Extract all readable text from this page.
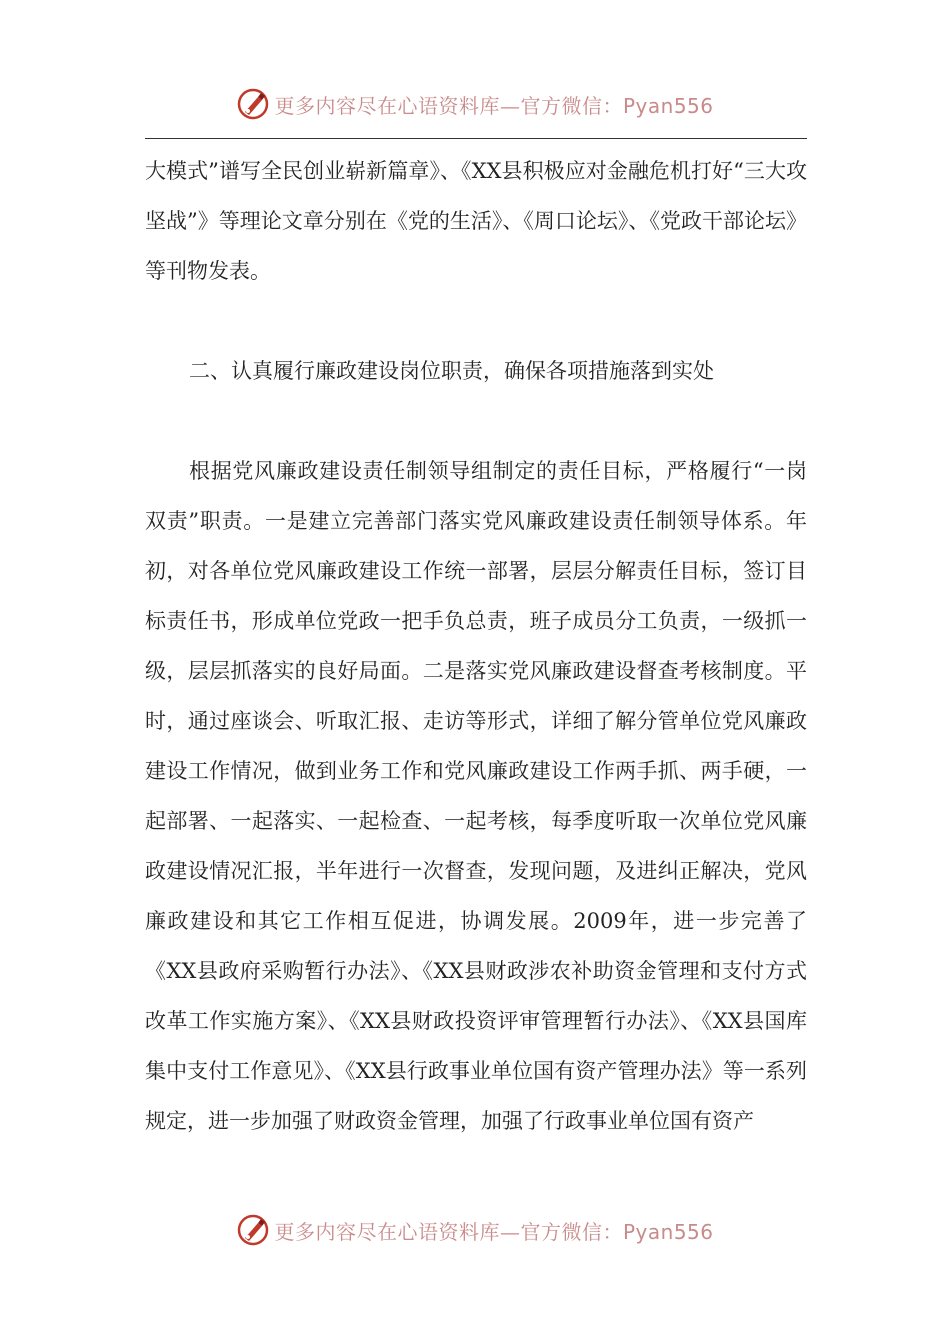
更多内容尽在心语资料库—官方微信：Pyan556

大模式”谱写全民创业崭新篇章》、《XX县积极应对金融危机打好“三大攻坚战”》等理论文章分别在《党的生活》、《周口论坛》、《党政干部论坛》等刊物发表。

二、认真履行廉政建设岗位职责，确保各项措施落到实处

根据党风廉政建设责任制领导组制定的责任目标，严格履行“一岗双责”职责。一是建立完善部门落实党风廉政建设责任制领导体系。年初，对各单位党风廉政建设工作统一部署，层层分解责任目标，签订目标责任书，形成单位党政一把手负总责，班子成员分工负责，一级抓一级，层层抓落实的良好局面。二是落实党风廉政建设督查考核制度。平时，通过座谈会、听取汇报、走访等形式，详细了解分管单位党风廉政建设工作情况，做到业务工作和党风廉政建设工作两手抓、两手硬，一起部署、一起落实、一起检查、一起考核，每季度听取一次单位党风廉政建设情况汇报，半年进行一次督查，发现问题，及进纠正解决，党风廉政建设和其它工作相互促进，协调发展。2009年，进一步完善了《XX县政府采购暂行办法》、《XX县财政涉农补助资金管理和支付方式改革工作实施方案》、《XX县财政投资评审管理暂行办法》、《XX县国库集中支付工作意见》、《XX县行政事业单位国有资产管理办法》等一系列规定，进一步加强了财政资金管理，加强了行政事业单位国有资产

更多内容尽在心语资料库—官方微信：Pyan556
